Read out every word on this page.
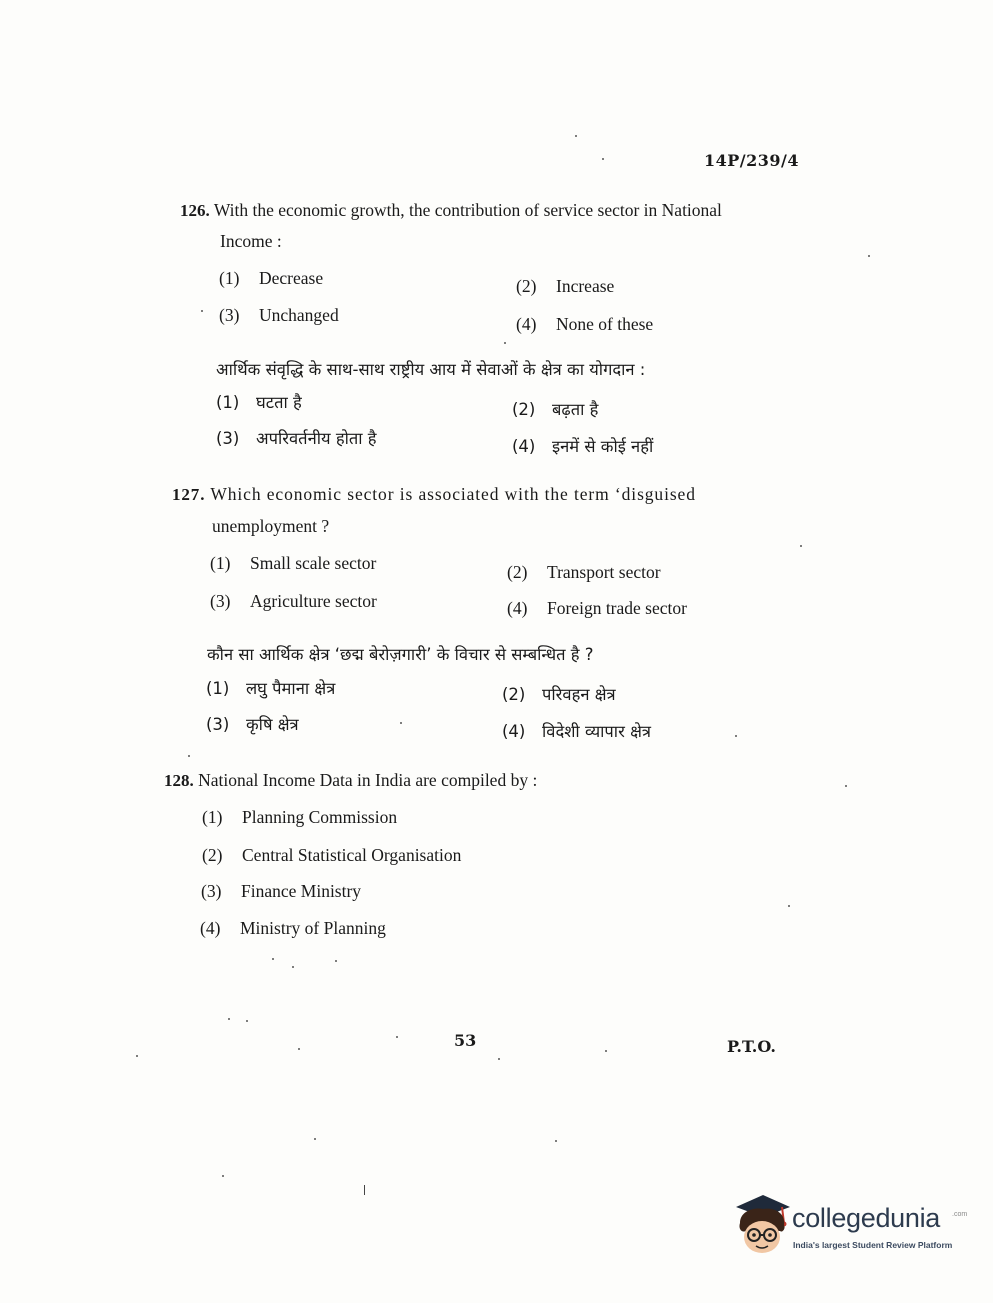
14P/239/4
126. With the economic growth, the contribution of service sector in National
Income :
(1) Decrease	(2) Increase
(3) Unchanged	(4) None of these
आर्थिक संवृद्धि के साथ-साथ राष्ट्रीय आय में सेवाओं के क्षेत्र का योगदान :
(1) घटता है	(2) बढ़ता है
(3) अपरिवर्तनीय होता है	(4) इनमें से कोई नहीं
127. Which economic sector is associated with the term ‘disguised
unemployment ?
(1) Small scale sector	(2) Transport sector
(3) Agriculture sector	(4) Foreign trade sector
कौन सा आर्थिक क्षेत्र ‘छद्म बेरोज़गारी’ के विचार से सम्बन्धित है ?
(1) लघु पैमाना क्षेत्र	(2) परिवहन क्षेत्र
(3) कृषि क्षेत्र	(4) विदेशी व्यापार क्षेत्र
128. National Income Data in India are compiled by :
(1) Planning Commission
(2) Central Statistical Organisation
(3) Finance Ministry
(4) Ministry of Planning
53	P.T.O.
collegedunia .com
India's largest Student Review Platform
